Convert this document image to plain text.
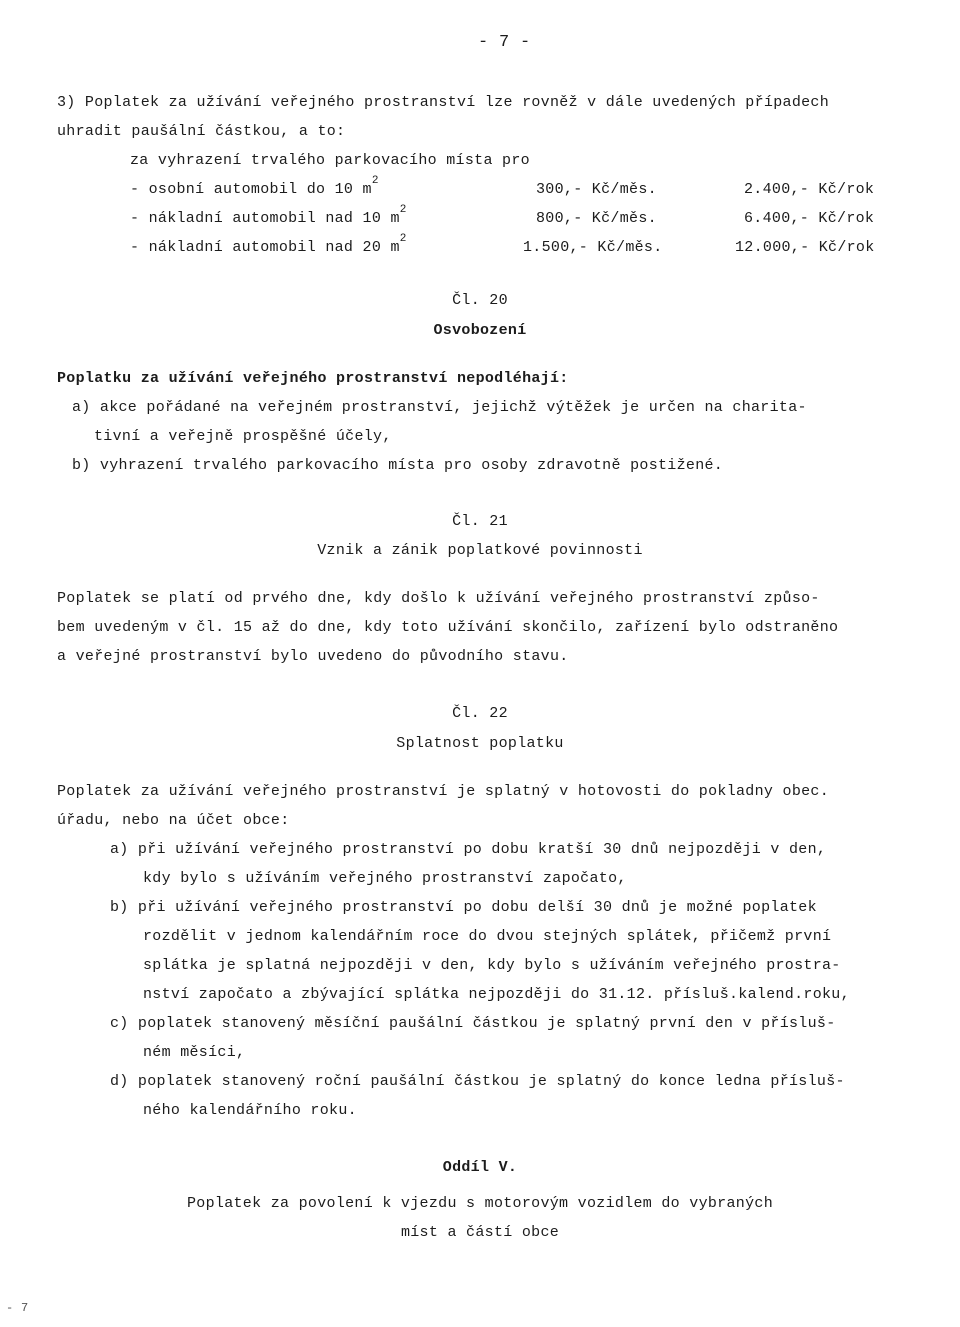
- 7 -
3) Poplatek za užívání veřejného prostranství lze rovněž v dále uvedených případech
uhradit paušální částkou, a to:
za vyhrazení trvalého parkovacího místa pro
- osobní automobil do 10 $m^2$	300,- Kč/měs.	2.400,- Kč/rok
- nákladní automobil nad 10 $m^2$	800,- Kč/měs.	6.400,- Kč/rok
- nákladní automobil nad 20 $m^2$	1.500,- Kč/měs.	12.000,- Kč/rok
Čl. 20
Osvobození
Poplatku za užívání veřejného prostranství nepodléhají:
a) akce pořádané na veřejném prostranství, jejichž výtěžek je určen na charita-
tivní a veřejně prospěšné účely,
b) vyhrazení trvalého parkovacího místa pro osoby zdravotně postižené.
Čl. 21
Vznik a zánik poplatkové povinnosti
Poplatek se platí od prvého dne, kdy došlo k užívání veřejného prostranství způso-
bem uvedeným v čl. 15 až do dne, kdy toto užívání skončilo, zařízení bylo odstraněno
a veřejné prostranství bylo uvedeno do původního stavu.
Čl. 22
Splatnost poplatku
Poplatek za užívání veřejného prostranství je splatný v hotovosti do pokladny obec.
úřadu, nebo na účet obce:
a) při užívání veřejného prostranství po dobu kratší 30 dnů nejpozději v den,
kdy bylo s užíváním veřejného prostranství započato,
b) při užívání veřejného prostranství po dobu delší 30 dnů je možné poplatek
rozdělit v jednom kalendářním roce do dvou stejných splátek, přičemž první
splátka je splatná nejpozději v den, kdy bylo s užíváním veřejného prostra-
nství započato a zbývající splátka nejpozději do 31.12. přísluš.kalend.roku,
c) poplatek stanovený měsíční paušální částkou je splatný první den v přísluš-
ném měsíci,
d) poplatek stanovený roční paušální částkou je splatný do konce ledna přísluš-
ného kalendářního roku.
Oddíl V.
Poplatek za povolení k vjezdu s motorovým vozidlem do vybraných
míst a částí obce
- 7
